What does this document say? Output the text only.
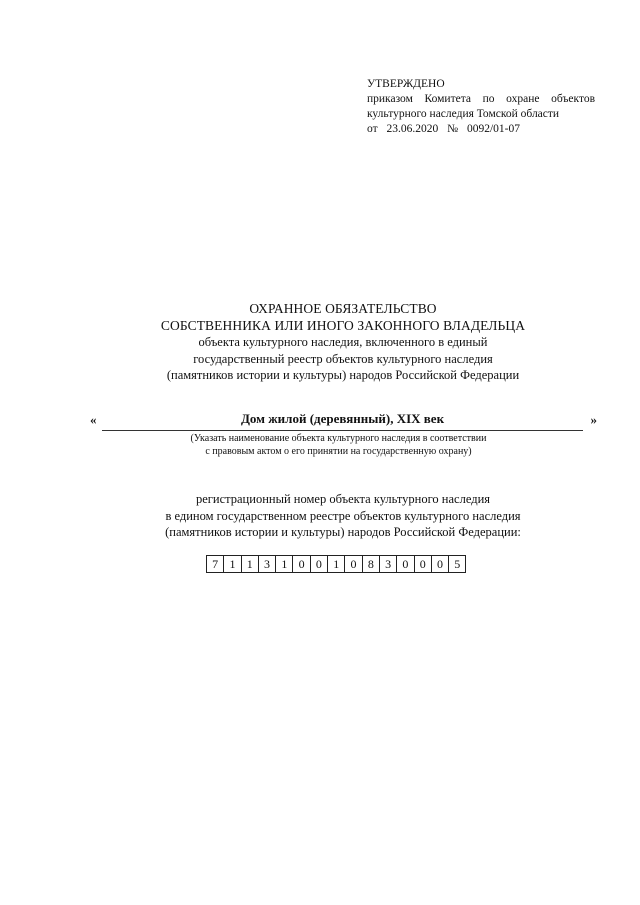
УТВЕРЖДЕНО
приказом Комитета по охране объектов
культурного наследия Томской области
от 23.06.2020 № 0092/01-07
ОХРАННОЕ ОБЯЗАТЕЛЬСТВО
СОБСТВЕННИКА ИЛИ ИНОГО ЗАКОННОГО ВЛАДЕЛЬЦА
объекта культурного наследия, включенного в единый
государственный реестр объектов культурного наследия
(памятников истории и культуры) народов Российской Федерации
«	Дом жилой (деревянный), XIX век	»
(Указать наименование объекта культурного наследия в соответствии
с правовым актом о его принятии на государственную охрану)
регистрационный номер объекта культурного наследия
в едином государственном реестре объектов культурного наследия
(памятников истории и культуры) народов Российской Федерации:
7 1 1 3 1 0 0 1 0 8 3 0 0 0 5
